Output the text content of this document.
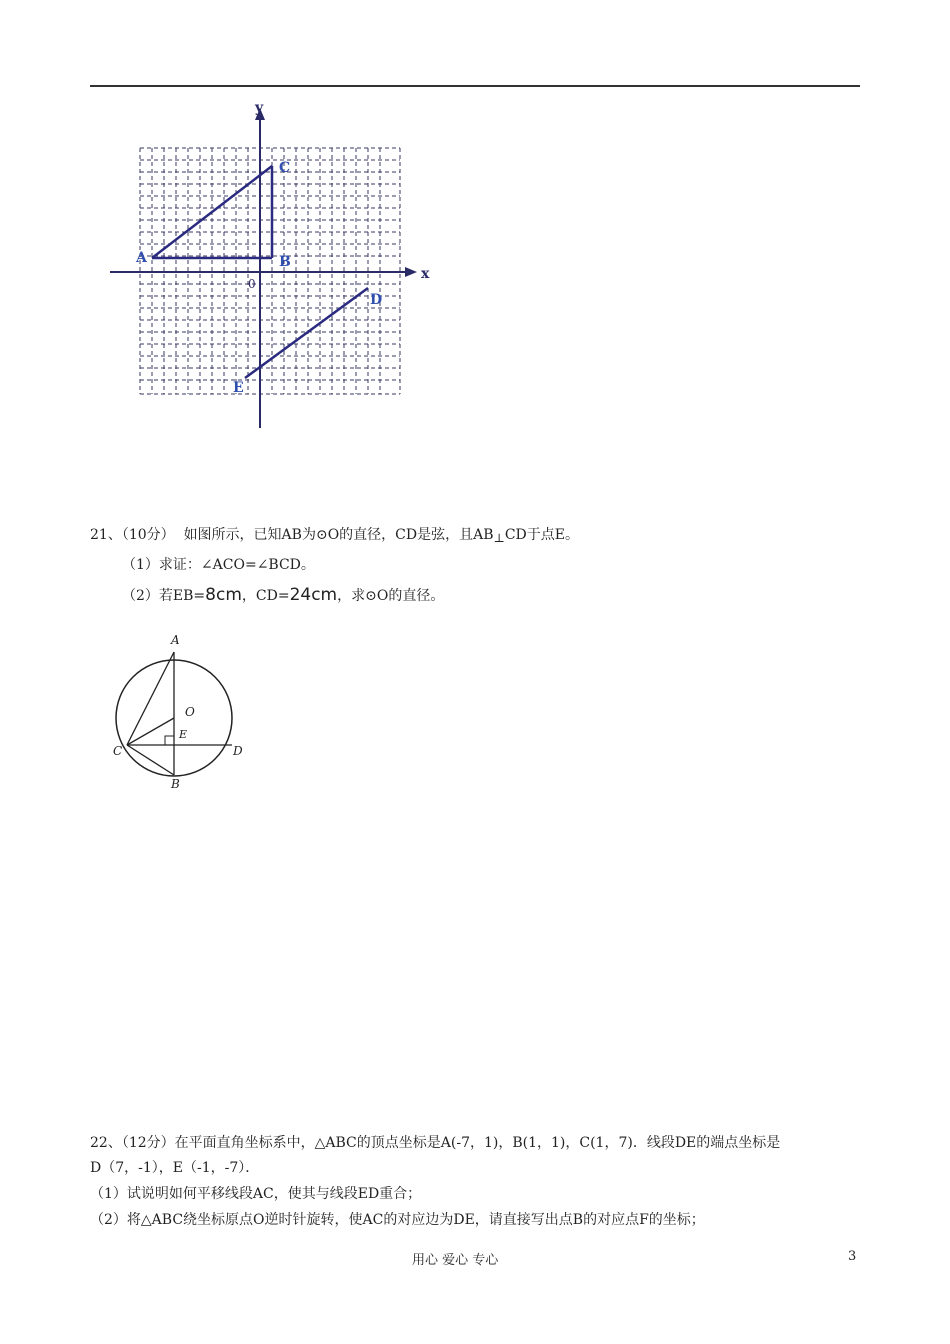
x
y
0
A	B
C
D
E
21、（10分） 如图所示，已知AB为⊙O的直径，CD是弦，且AB⊥CD于点E。
（1）求证：∠ACO=∠BCD。
（2）若EB=8cm，CD=24cm，求⊙O的直径。
A
O
E
C	D
B
22、（12分）在平面直角坐标系中，△ABC的顶点坐标是A(-7，1)，B(1，1)，C(1，7)．线段DE的端点坐标是
D（7，-1），E（-1，-7）．
（1）试说明如何平移线段AC，使其与线段ED重合；
（2）将△ABC绕坐标原点O逆时针旋转，使AC的对应边为DE，请直接写出点B的对应点F的坐标；
用心 爱心 专心	3
